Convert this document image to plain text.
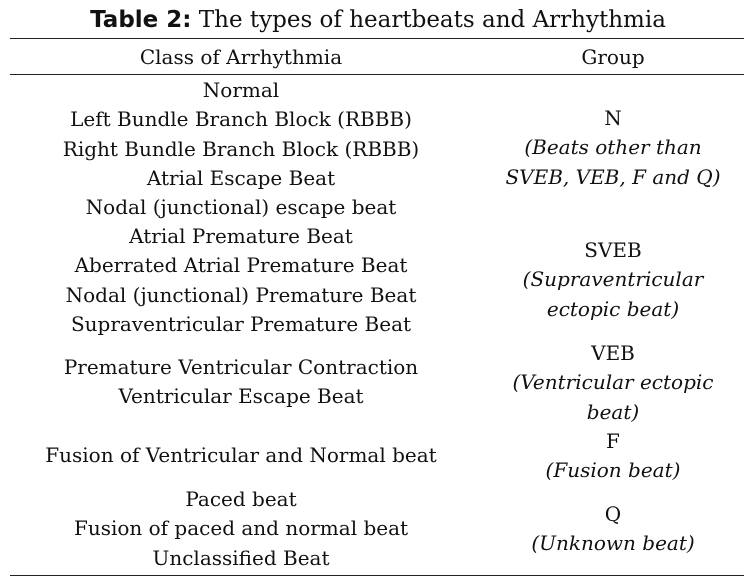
Table 2: The types of heartbeats and Arrhythmia
Class of Arrhythmia	Group
Normal
Left Bundle Branch Block (RBBB)
Right Bundle Branch Block (RBBB)
Atrial Escape Beat
Nodal (junctional) escape beat
N
(Beats other than
SVEB, VEB, F and Q)
Atrial Premature Beat
Aberrated Atrial Premature Beat
Nodal (junctional) Premature Beat
Supraventricular Premature Beat
SVEB
(Supraventricular
ectopic beat)
Premature Ventricular Contraction
Ventricular Escape Beat
VEB
(Ventricular ectopic
beat)
Fusion of Ventricular and Normal beat
F
(Fusion beat)
Paced beat
Fusion of paced and normal beat
Unclassified Beat
Q
(Unknown beat)
